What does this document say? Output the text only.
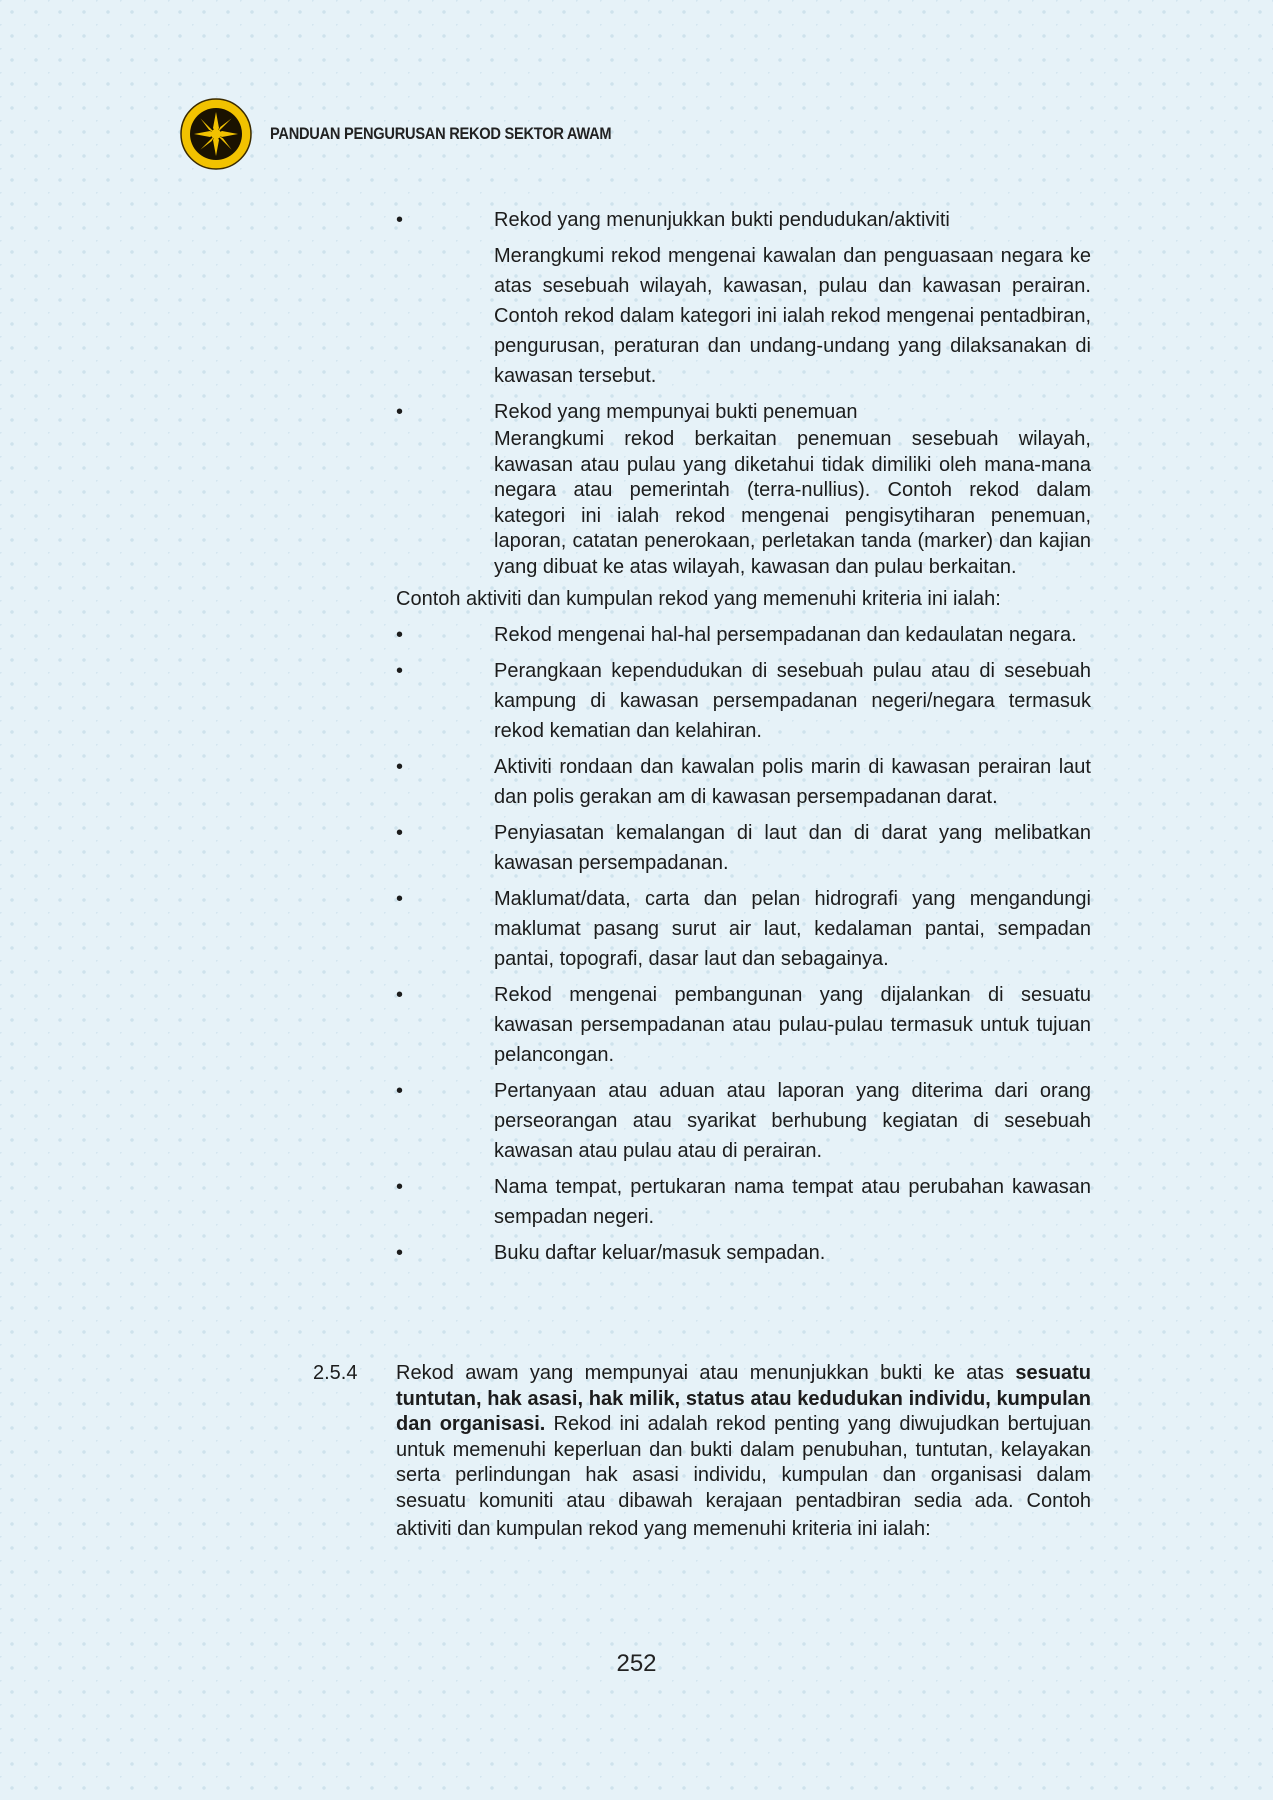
PANDUAN PENGURUSAN REKOD SEKTOR AWAM
• Rekod yang menunjukkan bukti pendudukan/aktiviti
Merangkumi rekod mengenai kawalan dan penguasaan negara ke atas sesebuah wilayah, kawasan, pulau dan kawasan perairan. Contoh rekod dalam kategori ini ialah rekod mengenai pentadbiran, pengurusan, peraturan dan undang-undang yang dilaksanakan di kawasan tersebut.
• Rekod yang mempunyai bukti penemuan
Merangkumi rekod berkaitan penemuan sesebuah wilayah, kawasan atau pulau yang diketahui tidak dimiliki oleh mana-mana negara atau pemerintah (terra-nullius). Contoh rekod dalam kategori ini ialah rekod mengenai pengisytiharan penemuan, laporan, catatan penerokaan, perletakan tanda (marker) dan kajian yang dibuat ke atas wilayah, kawasan dan pulau berkaitan.
Contoh aktiviti dan kumpulan rekod yang memenuhi kriteria ini ialah:
• Rekod mengenai hal-hal persempadanan dan kedaulatan negara.
• Perangkaan kependudukan di sesebuah pulau atau di sesebuah kampung di kawasan persempadanan negeri/negara termasuk rekod kematian dan kelahiran.
• Aktiviti rondaan dan kawalan polis marin di kawasan perairan laut dan polis gerakan am di kawasan persempadanan darat.
• Penyiasatan kemalangan di laut dan di darat yang melibatkan kawasan persempadanan.
• Maklumat/data, carta dan pelan hidrografi yang mengandungi maklumat pasang surut air laut, kedalaman pantai, sempadan pantai, topografi, dasar laut dan sebagainya.
• Rekod mengenai pembangunan yang dijalankan di sesuatu kawasan persempadanan atau pulau-pulau termasuk untuk tujuan pelancongan.
• Pertanyaan atau aduan atau laporan yang diterima dari orang perseorangan atau syarikat berhubung kegiatan di sesebuah kawasan atau pulau atau di perairan.
• Nama tempat, pertukaran nama tempat atau perubahan kawasan sempadan negeri.
• Buku daftar keluar/masuk sempadan.
2.5.4 Rekod awam yang mempunyai atau menunjukkan bukti ke atas sesuatu tuntutan, hak asasi, hak milik, status atau kedudukan individu, kumpulan dan organisasi. Rekod ini adalah rekod penting yang diwujudkan bertujuan untuk memenuhi keperluan dan bukti dalam penubuhan, tuntutan, kelayakan serta perlindungan hak asasi individu, kumpulan dan organisasi dalam sesuatu komuniti atau dibawah kerajaan pentadbiran sedia ada. Contoh aktiviti dan kumpulan rekod yang memenuhi kriteria ini ialah:
252
